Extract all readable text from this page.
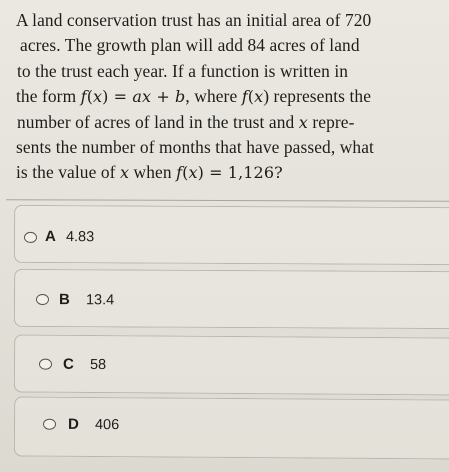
A land conservation trust has an initial area of 720
acres. The growth plan will add 84 acres of land
to the trust each year. If a function is written in
the form f(x) = ax + b, where f(x) represents the
number of acres of land in the trust and x repre-
sents the number of months that have passed, what
is the value of x when f(x) = 1,126?
A 4.83
B 13.4
C 58
D 406
